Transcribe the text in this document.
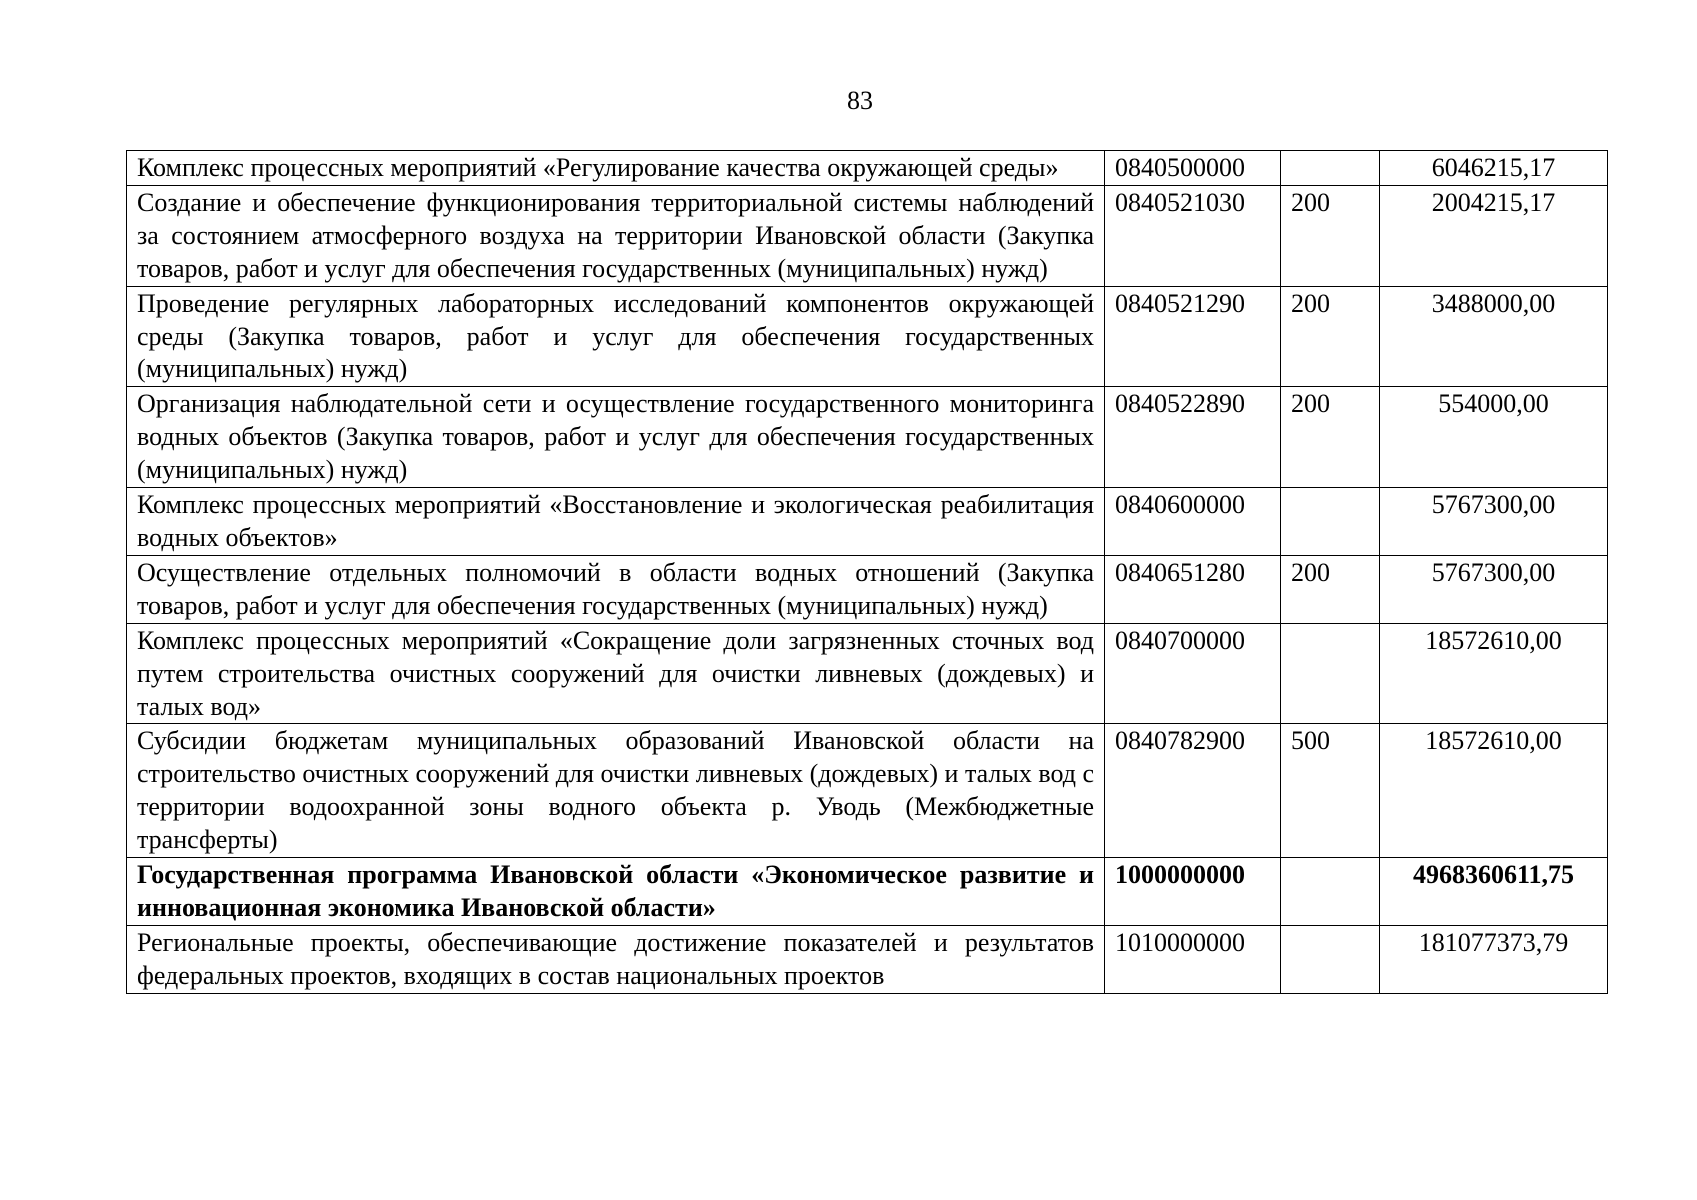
83
Комплекс процессных мероприятий «Регулирование качества окружающей среды»	0840500000		6046215,17
Создание и обеспечение функционирования территориальной системы наблюдений за состоянием атмосферного воздуха на территории Ивановской области (Закупка товаров, работ и услуг для обеспечения государственных (муниципальных) нужд)	0840521030	200	2004215,17
Проведение регулярных лабораторных исследований компонентов окружающей среды (Закупка товаров, работ и услуг для обеспечения государственных (муниципальных) нужд)	0840521290	200	3488000,00
Организация наблюдательной сети и осуществление государственного мониторинга водных объектов (Закупка товаров, работ и услуг для обеспечения государственных (муниципальных) нужд)	0840522890	200	554000,00
Комплекс процессных мероприятий «Восстановление и экологическая реабилитация водных объектов»	0840600000		5767300,00
Осуществление отдельных полномочий в области водных отношений (Закупка товаров, работ и услуг для обеспечения государственных (муниципальных) нужд)	0840651280	200	5767300,00
Комплекс процессных мероприятий «Сокращение доли загрязненных сточных вод путем строительства очистных сооружений для очистки ливневых (дождевых) и талых вод»	0840700000		18572610,00
Субсидии бюджетам муниципальных образований Ивановской области на строительство очистных сооружений для очистки ливневых (дождевых) и талых вод с территории водоохранной зоны водного объекта р. Уводь (Межбюджетные трансферты)	0840782900	500	18572610,00
Государственная программа Ивановской области «Экономическое развитие и инновационная экономика Ивановской области»	1000000000		4968360611,75
Региональные проекты, обеспечивающие достижение показателей и результатов федеральных проектов, входящих в состав национальных проектов	1010000000		181077373,79
